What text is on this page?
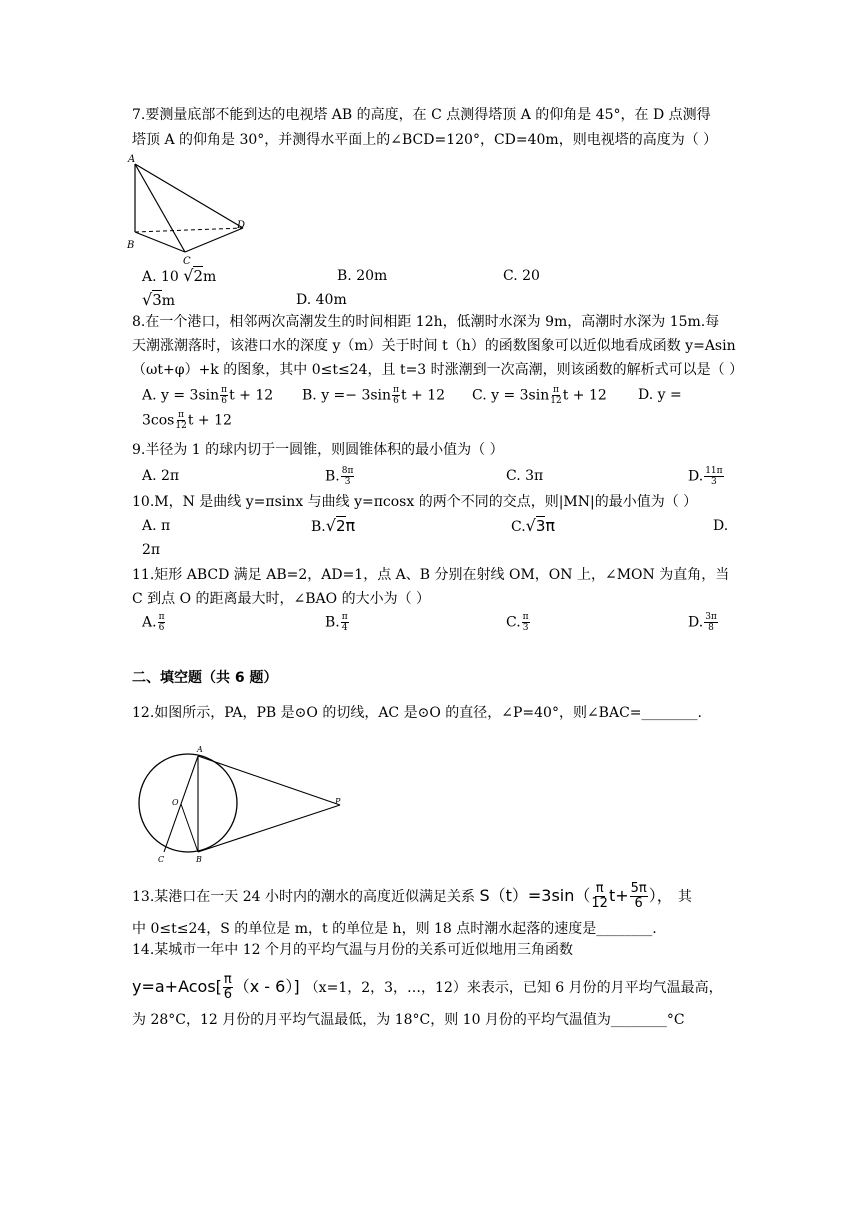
7.要测量底部不能到达的电视塔 AB 的高度，在 C 点测得塔顶 A 的仰角是 45°，在 D 点测得
塔顶 A 的仰角是 30°，并测得水平面上的∠BCD=120°，CD=40m，则电视塔的高度为（ ）
A
B
C
D
A. 10 √2m	B. 20m	C. 20
√3m	D. 40m
8.在一个港口，相邻两次高潮发生的时间相距 12h，低潮时水深为 9m，高潮时水深为 15m.每
天潮涨潮落时，该港口水的深度 y（m）关于时间 t（h）的函数图象可以近似地看成函数 y=Asin
（ωt+φ）+k 的图象，其中 0≤t≤24，且 t=3 时涨潮到一次高潮，则该函数的解析式可以是（ ）
A. $y = 3\sin \frac{\pi}{6}$ t + 12 B. $y =- 3\sin \frac{\pi}{6}$ t + 12 C. $y = 3\sin \frac{\pi}{12}$ t + 12 D. y =
$3\cos \frac{\pi}{12}$ t + 12
9.半径为 1 的球内切于一圆锥，则圆锥体积的最小值为（ ）
A. 2π	B. $\frac{8\pi}{3}$	C. 3π	D. $\frac{11\pi}{3}$
10.M，N 是曲线 y=πsinx 与曲线 y=πcosx 的两个不同的交点，则|MN|的最小值为（ ）
A. π	B.√2π	C.√3π	D.
2π
11.矩形 ABCD 满足 AB=2，AD=1，点 A、B 分别在射线 OM，ON 上，∠MON 为直角，当
C 到点 O 的距离最大时，∠BAO 的大小为（ ）
A. $\frac{\pi}{6}$	B. $\frac{\pi}{4}$	C. $\frac{\pi}{3}$	D. $\frac{3\pi}{8}$
二、填空题（共 6 题）
12.如图所示，PA，PB 是⊙O 的切线，AC 是⊙O 的直径，∠P=40°，则∠BAC=________.
A
O	P
C	B
13.某港口在一天 24 小时内的潮水的高度近似满足关系 $S(t)=3\sin( \frac{\pi}{12} t+ \frac{5\pi}{6}$ ）， 其
中 0≤t≤24，S 的单位是 m，t 的单位是 h，则 18 点时潮水起落的速度是________.
14.某城市一年中 12 个月的平均气温与月份的关系可近似地用三角函数
$y=a+Acos[ \frac{\pi}{6} (x - 6)]$ （x=1，2，3，…，12）来表示，已知 6 月份的月平均气温最高，
为 28°C，12 月份的月平均气温最低，为 18°C，则 10 月份的平均气温值为________°C
